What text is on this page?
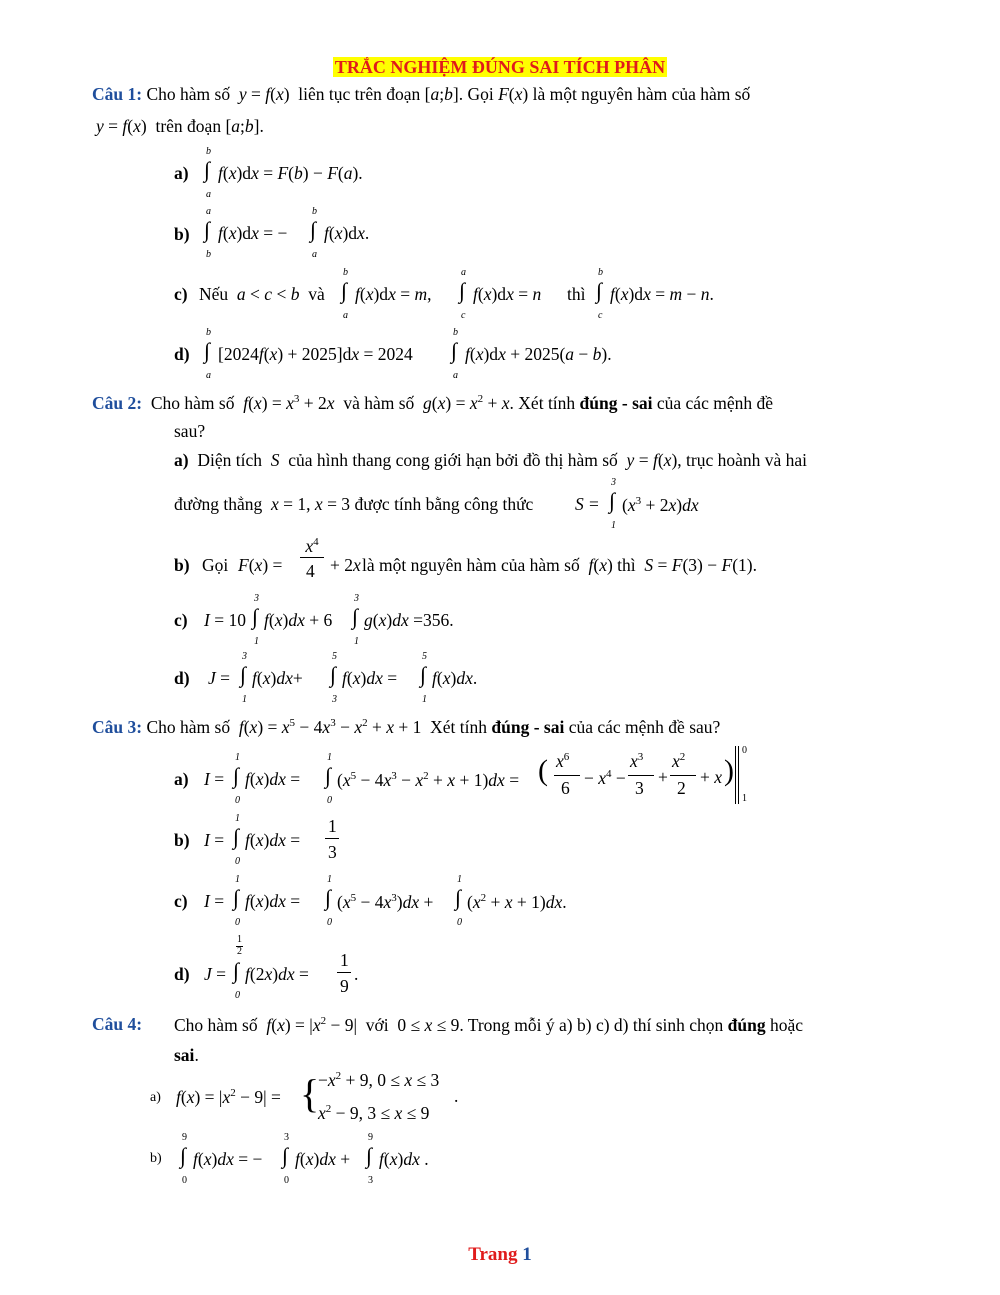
TRẮC NGHIỆM ĐÚNG SAI TÍCH PHÂN
Câu 1: Cho hàm số y = f(x)  liên tục trên đoạn [a;b]. Gọi F(x) là một nguyên hàm của hàm số
y = f(x)  trên đoạn [a;b].
a)
b
∫
a
f(x)dx = F(b) − F(a).
b)
a
∫
b
f(x)dx = −
b
∫
a
f(x)dx.
c) Nếu a < c < b và
b
∫
a
f(x)dx = m,
a
∫
c
f(x)dx = n thì
b
∫
c
f(x)dx = m − n.
d)
b
∫
a
[2024f(x) + 2025]dx = 2024
b
∫
a
f(x)dx + 2025(a − b).
Câu 2: Cho hàm số $f(x) = x^3 + 2x$ và hàm số $g(x) = x^2 + x$. Xét tính đúng - sai của các mệnh đề
sau?
a) Diện tích S của hình thang cong giới hạn bởi đồ thị hàm số y = f(x), trục hoành và hai
đường thẳng x = 1, x = 3 được tính bằng công thức S =
3
∫
1
$(x^3 + 2x)dx$
b) Gọi F(x) =
$x^4$
4 + 2x là một nguyên hàm của hàm số f(x) thì S = F(3) − F(1).
c) I = 10
3
∫
1
f(x)dx + 6
3
∫
1
g(x)dx =356.
d) J =
3
∫
1
f(x)dx+
5
∫
3
f(x)dx =
5
∫
1
f(x)dx.
Câu 3: Cho hàm số $f(x) = x^5 - 4x^3 - x^2 + x + 1$  Xét tính đúng - sai của các mệnh đề sau?
a) I =
1
∫
0
f(x)dx =
1
∫
0
$(x^5 - 4x^3 - x^2 + x + 1)dx$ = ( $x^6$
6
− $x^4$ −
$x^3$
3
+
$x^2$
2
+ x )
0
1
b) I =
1
∫
0
f(x)dx =
1
3
c) I =
1
∫
0
f(x)dx =
1
∫
0
$(x^5 - 4x^3)dx$ +
1
∫
0
$(x^2 + x + 1)dx$.
d) J =
1
2
∫
0
f(2x)dx =
1
9
.
Câu 4: Cho hàm số $f(x) = |x^2 - 9|$  với  0 ≤ x ≤ 9. Trong mỗi ý a) b) c) d) thí sinh chọn đúng hoặc
sai.
a) $f(x) = |x^2 - 9|$ = {
$-x^2 + 9$, 0 ≤ x ≤ 3
$x^2 - 9$, 3 ≤ x ≤ 9
.
b)
9
∫
0
f(x)dx = −
3
∫
0
f(x)dx +
9
∫
3
f(x)dx .
Trang 1
